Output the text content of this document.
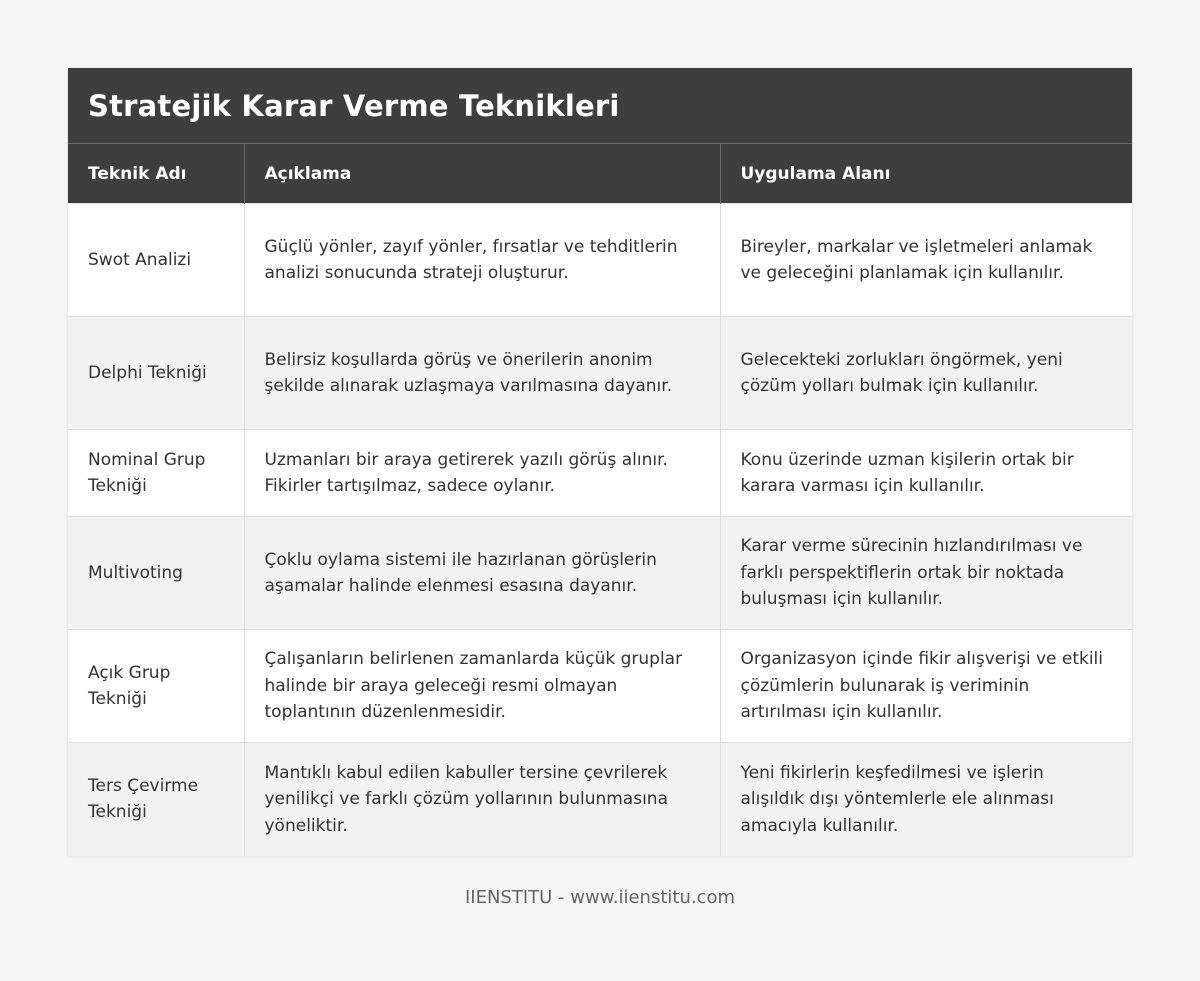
Stratejik Karar Verme Teknikleri
Teknik Adı	Açıklama	Uygulama Alanı
Swot Analizi	Güçlü yönler, zayıf yönler, fırsatlar ve tehditlerin analizi sonucunda strateji oluşturur.	Bireyler, markalar ve işletmeleri anlamak ve geleceğini planlamak için kullanılır.
Delphi Tekniği	Belirsiz koşullarda görüş ve önerilerin anonim şekilde alınarak uzlaşmaya varılmasına dayanır.	Gelecekteki zorlukları öngörmek, yeni çözüm yolları bulmak için kullanılır.
Nominal Grup Tekniği	Uzmanları bir araya getirerek yazılı görüş alınır. Fikirler tartışılmaz, sadece oylanır.	Konu üzerinde uzman kişilerin ortak bir karara varması için kullanılır.
Multivoting	Çoklu oylama sistemi ile hazırlanan görüşlerin aşamalar halinde elenmesi esasına dayanır.	Karar verme sürecinin hızlandırılması ve farklı perspektiflerin ortak bir noktada buluşması için kullanılır.
Açık Grup Tekniği	Çalışanların belirlenen zamanlarda küçük gruplar halinde bir araya geleceği resmi olmayan toplantının düzenlenmesidir.	Organizasyon içinde fikir alışverişi ve etkili çözümlerin bulunarak iş veriminin artırılması için kullanılır.
Ters Çevirme Tekniği	Mantıklı kabul edilen kabuller tersine çevrilerek yenilikçi ve farklı çözüm yollarının bulunmasına yöneliktir.	Yeni fikirlerin keşfedilmesi ve işlerin alışıldık dışı yöntemlerle ele alınması amacıyla kullanılır.
IIENSTITU - www.iienstitu.com
